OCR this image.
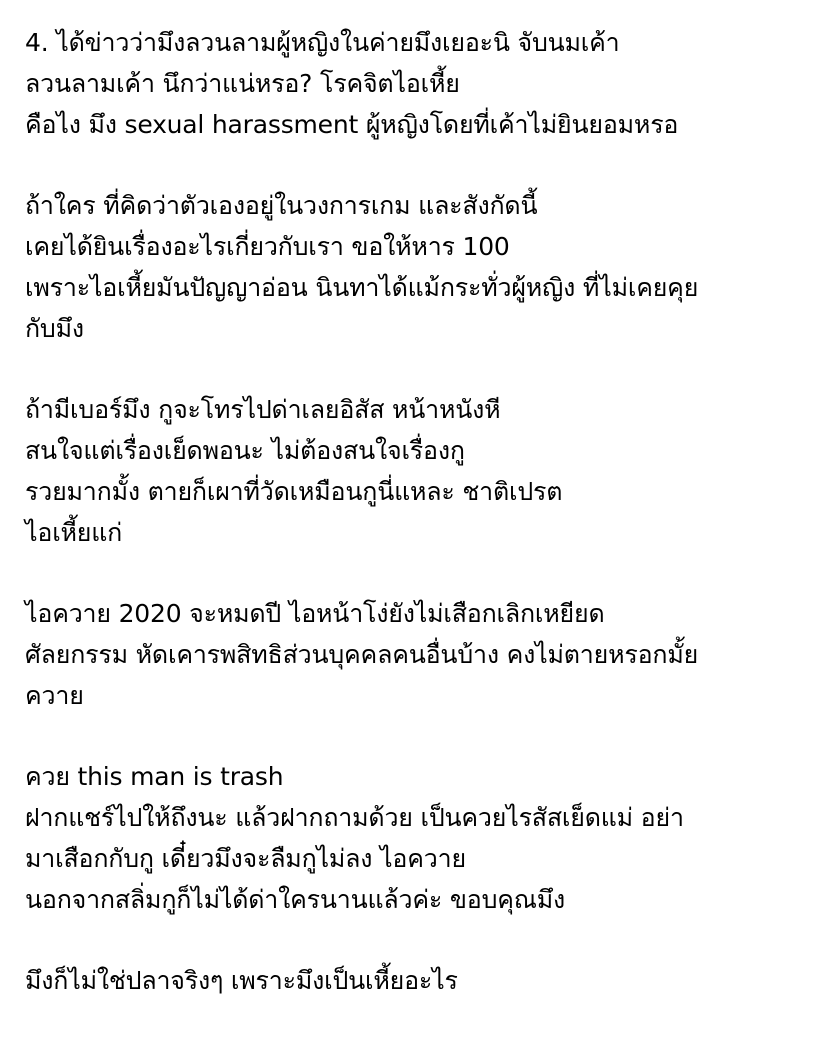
4. ได้ข่าวว่ามึงลวนลามผู้หญิงในค่ายมึงเยอะนิ จับนมเค้า
ลวนลามเค้า นึกว่าแน่หรอ? โรคจิตไอเหี้ย
คือไง มึง sexual harassment ผู้หญิงโดยที่เค้าไม่ยินยอมหรอ
ถ้าใคร ที่คิดว่าตัวเองอยู่ในวงการเกม และสังกัดนี้
เคยได้ยินเรื่องอะไรเกี่ยวกับเรา ขอให้หาร 100
เพราะไอเหี้ยมันปัญญาอ่อน นินทาได้แม้กระทั่วผู้หญิง ที่ไม่เคยคุย
กับมึง
ถ้ามีเบอร์มึง กูจะโทรไปด่าเลยอิสัส หน้าหนังหี
สนใจแต่เรื่องเย็ดพอนะ ไม่ต้องสนใจเรื่องกู
รวยมากมั้ง ตายก็เผาที่วัดเหมือนกูนี่แหละ ชาติเปรต
ไอเหี้ยแก่
ไอควาย 2020 จะหมดปี ไอหน้าโง่ยังไม่เสือกเลิกเหยียด
ศัลยกรรม หัดเคารพสิทธิส่วนบุคคลคนอื่นบ้าง คงไม่ตายหรอกมั้ย
ควาย
ควย this man is trash
ฝากแชร์ไปให้ถึงนะ แล้วฝากถามด้วย เป็นควยไรสัสเย็ดแม่ อย่า
มาเสือกกับกู เดี๋ยวมึงจะลืมกูไม่ลง ไอควาย
นอกจากสลิ่มกูก็ไม่ได้ด่าใครนานแล้วค่ะ ขอบคุณมึง
มึงก็ไม่ใช่ปลาจริงๆ เพราะมึงเป็นเหี้ยอะไร
